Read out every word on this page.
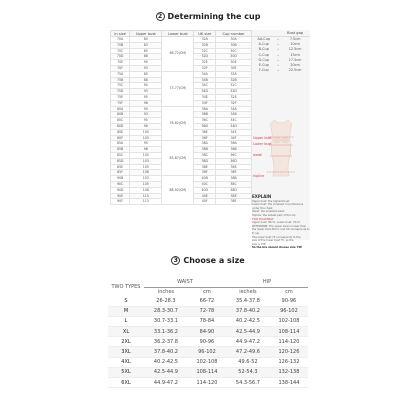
2 Determining the cup
In size	Upper bust	Lower bust	UK size	Cup number
70A	80	68-72(CM)	32A	30A
70B	83		32B	30B
70C	85		32C	30C
70D	88		32D	30D
70E	90		32E	30E
70F	93		32F	30F
75A	85	73-77(CM)	34A	32A
75B	88		34B	32B
75C	90		34C	32C
75D	93		34D	32D
75E	95		34E	32E
75F	98		34F	32F
80A	90	78-82(CM)	36A	34A
80B	93		36B	34B
80C	95		36C	34C
80D	98		36D	34D
80E	100		36E	34E
80F	103		36F	34F
85A	95	83-87(CM)	38A	36A
85B	98		38B	36B
85C	100		38C	36C
85D	103		38D	36D
85E	105		38E	36E
85F	108		38F	36F
90B	103	88-92(CM)	40B	38B
90C	105		40C	38C
90D	108		40D	38D
90E	110		40E	38E
90F	113		40F	38F
		Bust gap
AA-Cup	→	7.5cm
A-Cup	→	10cm
B-Cup	→	12.5cm
C-Cup	→	15cm
D-Cup	→	17.5cm
E-Cup	→	20cm
F-Cup	→	22.5cm
Upper bust
Lower bust
waist
hipline
EXPLAIN
Upper bust: the highest bust
Lower bust: the smallest circumference
under the chest
Waist: the smallest waist
Hipline: the widest part of the hip
FOR EXAMPLE:
Upper bust: 95cm, Lower bust: 75cm
DETERMINE: The upper bust is lower than
the lower bust 20cm, and 20 corresponds to E cup
The lower bust 75 corresponds to the
size of the lower bust 75, so the
size is 75E
So the bra should choose size 75E
3 Choose a size
TWO TYPES	WAIST		HIP	
	inches	cm	iechels	cm
S	26-28.3	66-72	35.4-37.8	90-96
M	28.3-30.7	72-78	37.8-40.2	96-102
L	30.7-33.1	78-84	40.2-42.5	102-108
XL	33.1-36.2	84-90	42.5-44.9	108-114
2XL	36.2-37.8	90-96	44.9-47.2	114-120
3XL	37.8-40.2	96-102	47.2-49.6	120-126
4XL	40.2-42.5	102-108	49.6-52	126-132
5XL	42.5-44.9	108-114	52-54.3	132-138
6XL	44.9-47.2	114-120	54.3-56.7	138-144
